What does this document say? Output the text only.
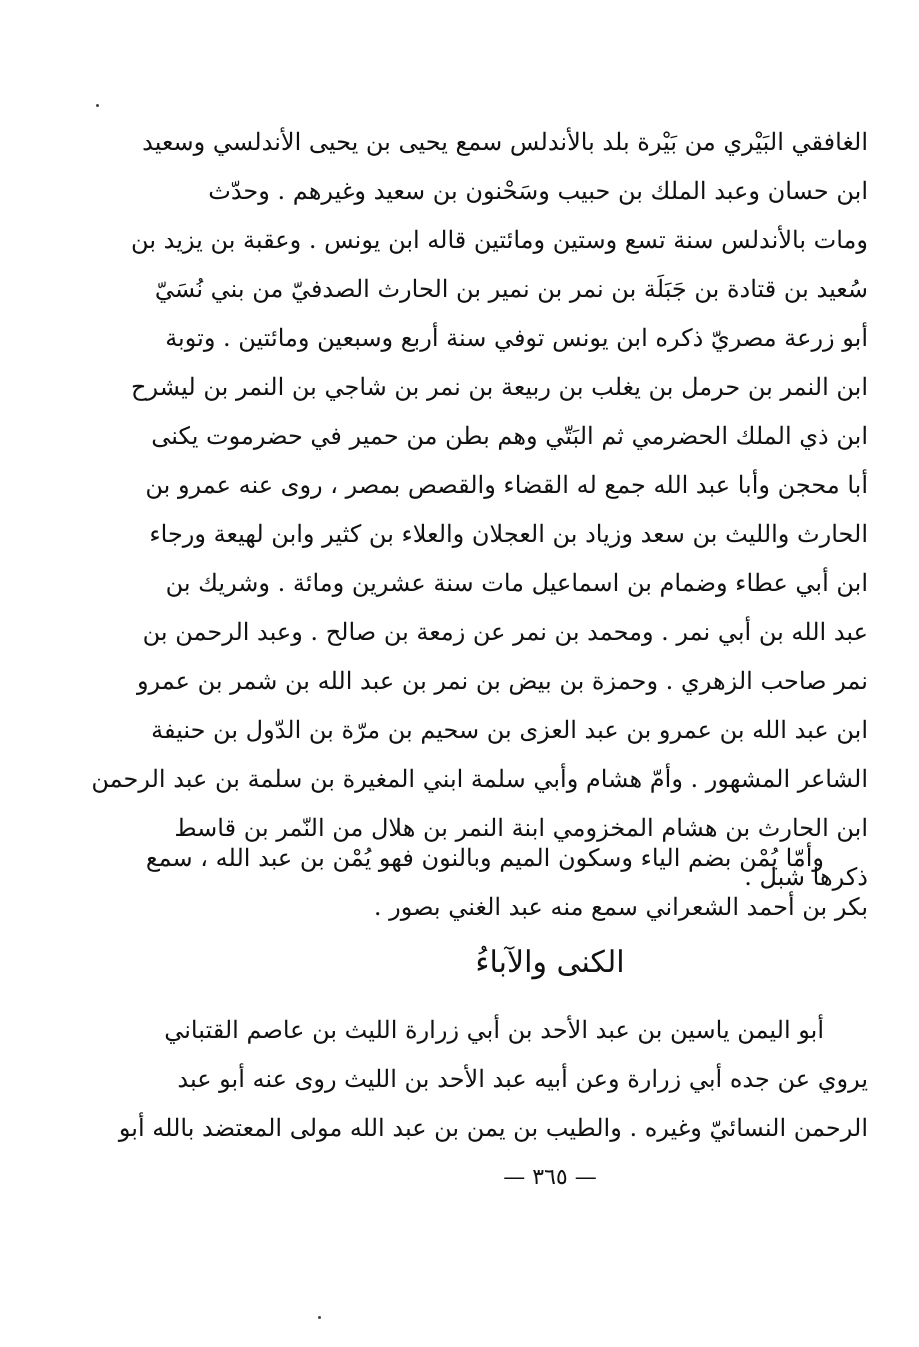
الغافقي البَيْري من بَيْرة بلد بالأندلس سمع يحيى بن يحيى الأندلسي وسعيد
ابن حسان وعبد الملك بن حبيب وسَحْنون بن سعيد وغيرهم . وحدّث
ومات بالأندلس سنة تسع وستين ومائتين قاله ابن يونس . وعقبة بن يزيد بن
سُعيد بن قتادة بن جَبَلَة بن نمر بن نمير بن الحارث الصدفيّ من بني نُسَيّ
أبو زرعة مصريّ ذكره ابن يونس توفي سنة أربع وسبعين ومائتين . وتوبة
ابن النمر بن حرمل بن يغلب بن ربيعة بن نمر بن شاجي بن النمر بن ليشرح
ابن ذي الملك الحضرمي ثم البَتّي وهم بطن من حمير في حضرموت يكنى
أبا محجن وأبا عبد الله جمع له القضاء والقصص بمصر ، روى عنه عمرو بن
الحارث والليث بن سعد وزياد بن العجلان والعلاء بن كثير وابن لهيعة ورجاء
ابن أبي عطاء وضمام بن اسماعيل مات سنة عشرين ومائة . وشريك بن
عبد الله بن أبي نمر . ومحمد بن نمر عن زمعة بن صالح . وعبد الرحمن بن
نمر صاحب الزهري . وحمزة بن بيض بن نمر بن عبد الله بن شمر بن عمرو
ابن عبد الله بن عمرو بن عبد العزى بن سحيم بن مرّة بن الدّول بن حنيفة
الشاعر المشهور . وأمّ هشام وأبي سلمة ابني المغيرة بن سلمة بن عبد الرحمن
ابن الحارث بن هشام المخزومي ابنة النمر بن هلال من النّمر بن قاسط
ذكرها شبل .
وأمّا يُمْن بضم الياء وسكون الميم وبالنون فهو يُمْن بن عبد الله ، سمع
بكر بن أحمد الشعراني سمع منه عبد الغني بصور .
الكنى والآباءُ
أبو اليمن ياسين بن عبد الأحد بن أبي زرارة الليث بن عاصم القتباني
يروي عن جده أبي زرارة وعن أبيه عبد الأحد بن الليث روى عنه أبو عبد
الرحمن النسائيّ وغيره . والطيب بن يمن بن عبد الله مولى المعتضد بالله أبو
— ٣٦٥ —
